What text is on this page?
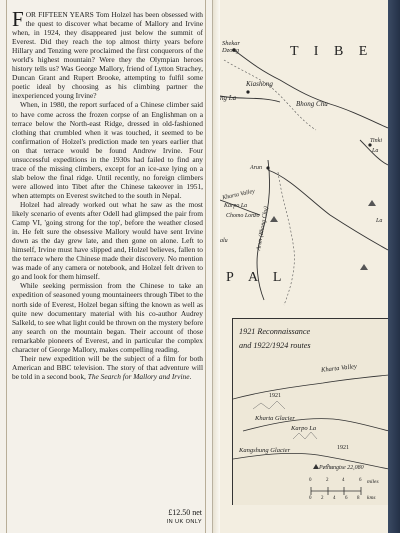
FOR FIFTEEN YEARS Tom Holzel has been obsessed with the quest to discover what became of Mallory and Irvine when, in 1924, they disappeared just below the summit of Everest. Did they reach the top almost thirty years before Hillary and Tenzing were proclaimed the first conquerors of the world's highest mountain? Were they the Olympian heroes history tells us? Was George Mallory, friend of Lytton Strachey, Duncan Grant and Rupert Brooke, attempting to fulfil some poetic ideal by choosing as his climbing partner the inexperienced young Irvine?

When, in 1980, the report surfaced of a Chinese climber said to have come across the frozen corpse of an Englishman on a terrace below the North-east Ridge, dressed in old-fashioned clothing that crumbled when it was touched, it seemed to be confirmation of Holzel's prediction made ten years earlier that on that terrace would be found Andrew Irvine. Four unsuccessful expeditions in the 1930s had failed to find any trace of the missing climbers, except for an ice-axe lying on a slab below the final ridge. Until recently, no foreign climbers were allowed into Tibet after the Chinese takeover in 1951, when attempts on Everest switched to the south in Nepal.

Holzel had already worked out what he saw as the most likely scenario of events after Odell had glimpsed the pair from Camp VI, 'going strong for the top', before the weather closed in. He felt sure the obsessive Mallory would have sent Irvine down as the day grew late, and then gone on alone. Left to himself, Irvine must have slipped and, Holzel believes, fallen to the terrace where the Chinese made their discovery. No mention was made of any camera or notebook, and Holzel felt driven to go and look for them himself.

While seeking permission from the Chinese to take an expedition of seasoned young mountaineers through Tibet to the north side of Everest, Holzel began sifting the known as well as quite new documentary material with his co-author Audrey Salkeld, to see what light could be thrown on the mystery before any search on the mountain began. Their account of those remarkable pioneers of Everest, and in particular the complex character of George Mallory, makes compelling reading.

Their new expedition will be the subject of a film for both American and BBC television. The story of that adventure will be told in a second book, The Search for Mallory and Irvine.

£12.50 net
IN UK ONLY
Shekar
Dzong	T I B E
Kiashong
ng La
Bhong Chu
Tinki
La
Arun
Kharta Valley
Karpo La
Chomo Lonzo
Arun (Bhong Chu)
alu
La
P A L
1921 Reconnaissance
and 1922/1924 routes
Kharta Valley
1921
Kharta Glacier
Karpo La
1921
Kangshung Glacier
Pethangtse 22,080
0	2	4	6 miles
0 2 4 6 8 kms
